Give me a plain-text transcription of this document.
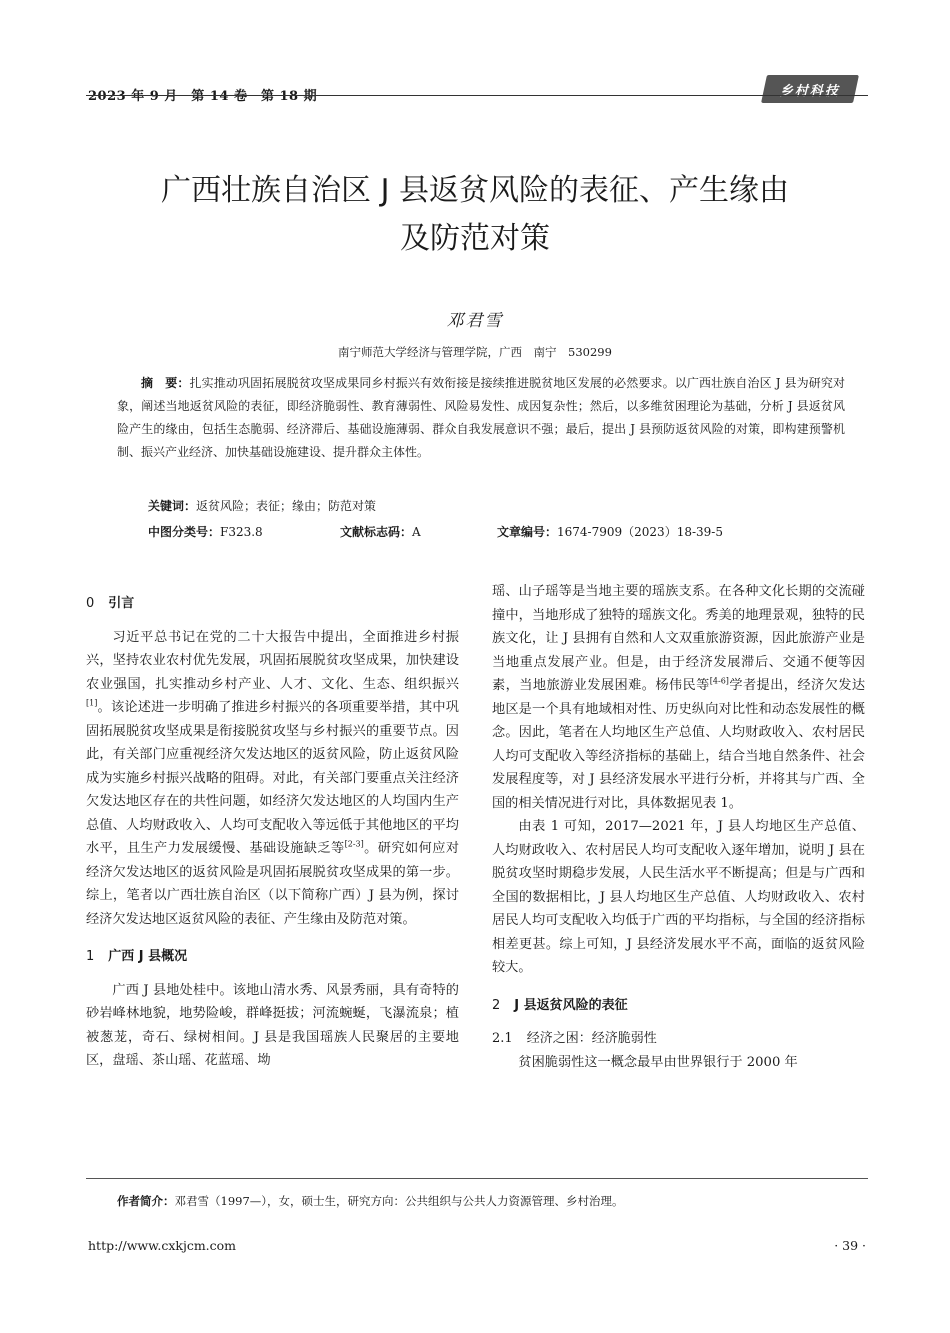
2023 年 9 月　第 14 卷　第 18 期	乡村科技
广西壮族自治区 J 县返贫风险的表征、产生缘由
及防范对策
邓君雪
南宁师范大学经济与管理学院，广西　南宁　530299

摘　要：扎实推动巩固拓展脱贫攻坚成果同乡村振兴有效衔接是接续推进脱贫地区发展的必然要求。以广西壮族自治区 J 县为研究对象，阐述当地返贫风险的表征，即经济脆弱性、教育薄弱性、风险易发性、成因复杂性；然后，以多维贫困理论为基础，分析 J 县返贫风险产生的缘由，包括生态脆弱、经济滞后、基础设施薄弱、群众自我发展意识不强；最后，提出 J 县预防返贫风险的对策，即构建预警机制、振兴产业经济、加快基础设施建设、提升群众主体性。

关键词：返贫风险；表征；缘由；防范对策
中图分类号：F323.8	文献标志码：A	文章编号：1674-7909（2023）18-39-5
0 引言

习近平总书记在党的二十大报告中提出，全面推进乡村振兴，坚持农业农村优先发展，巩固拓展脱贫攻坚成果，加快建设农业强国，扎实推动乡村产业、人才、文化、生态、组织振兴[1]。该论述进一步明确了推进乡村振兴的各项重要举措，其中巩固拓展脱贫攻坚成果是衔接脱贫攻坚与乡村振兴的重要节点。因此，有关部门应重视经济欠发达地区的返贫风险，防止返贫风险成为实施乡村振兴战略的阻碍。对此，有关部门要重点关注经济欠发达地区存在的共性问题，如经济欠发达地区的人均国内生产总值、人均财政收入、人均可支配收入等远低于其他地区的平均水平，且生产力发展缓慢、基础设施缺乏等[2-3]。研究如何应对经济欠发达地区的返贫风险是巩固拓展脱贫攻坚成果的第一步。综上，笔者以广西壮族自治区（以下简称广西）J 县为例，探讨经济欠发达地区返贫风险的表征、产生缘由及防范对策。

1 广西 J 县概况

广西 J 县地处桂中。该地山清水秀、风景秀丽，具有奇特的砂岩峰林地貌，地势险峻，群峰挺拔；河流蜿蜒，飞瀑流泉；植被葱茏，奇石、绿树相间。J 县是我国瑶族人民聚居的主要地区，盘瑶、茶山瑶、花蓝瑶、坳

瑶、山子瑶等是当地主要的瑶族支系。在各种文化长期的交流碰撞中，当地形成了独特的瑶族文化。秀美的地理景观，独特的民族文化，让 J 县拥有自然和人文双重旅游资源，因此旅游产业是当地重点发展产业。但是，由于经济发展滞后、交通不便等因素，当地旅游业发展困难。杨伟民等[4-6]学者提出，经济欠发达地区是一个具有地域相对性、历史纵向对比性和动态发展性的概念。因此，笔者在人均地区生产总值、人均财政收入、农村居民人均可支配收入等经济指标的基础上，结合当地自然条件、社会发展程度等，对 J 县经济发展水平进行分析，并将其与广西、全国的相关情况进行对比，具体数据见表 1。

由表 1 可知，2017—2021 年，J 县人均地区生产总值、人均财政收入、农村居民人均可支配收入逐年增加，说明 J 县在脱贫攻坚时期稳步发展，人民生活水平不断提高；但是与广西和全国的数据相比，J 县人均地区生产总值、人均财政收入、农村居民人均可支配收入均低于广西的平均指标，与全国的经济指标相差更甚。综上可知，J 县经济发展水平不高，面临的返贫风险较大。

2 J 县返贫风险的表征
2.1 经济之困：经济脆弱性

贫困脆弱性这一概念最早由世界银行于 2000 年

作者简介：邓君雪（1997—），女，硕士生，研究方向：公共组织与公共人力资源管理、乡村治理。
http://www.cxkjcm.com	· 39 ·
